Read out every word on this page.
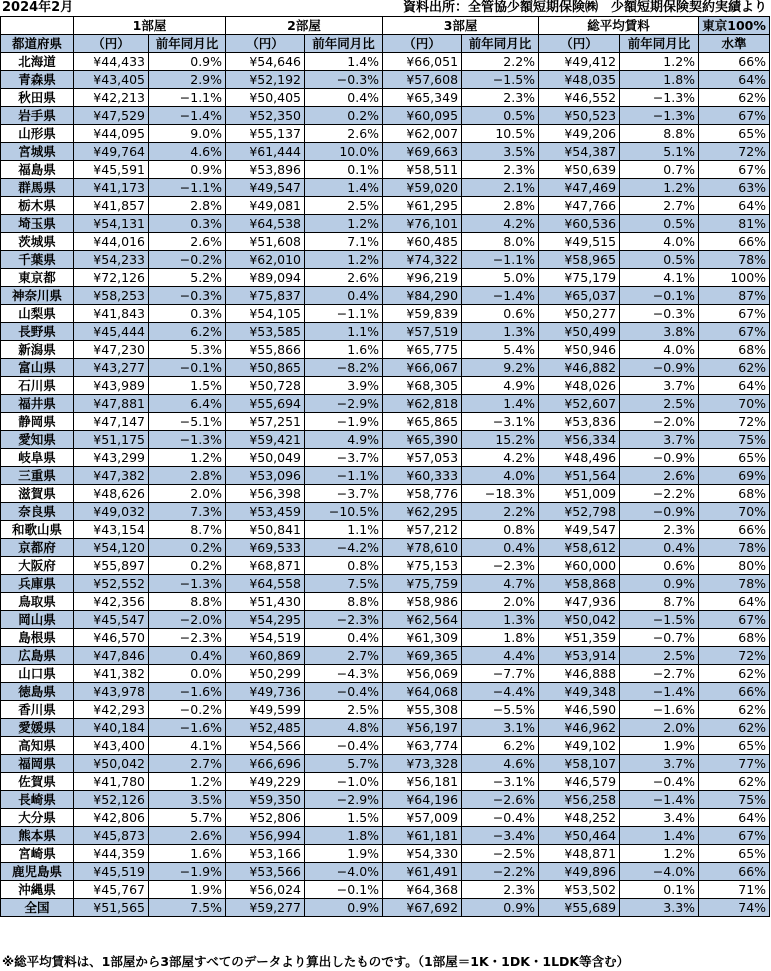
2024年2月	資料出所：全管協少額短期保険㈱　少額短期保険契約実績より
	1部屋		2部屋		3部屋		総平均賃料		東京100%
都道府県	（円）	前年同月比	（円）	前年同月比	（円）	前年同月比	（円）	前年同月比	水準
北海道	¥44,433	0.9%	¥54,646	1.4%	¥66,051	2.2%	¥49,412	1.2%	66%
青森県	¥43,405	2.9%	¥52,192	−0.3%	¥57,608	−1.5%	¥48,035	1.8%	64%
秋田県	¥42,213	−1.1%	¥50,405	0.4%	¥65,349	2.3%	¥46,552	−1.3%	62%
岩手県	¥47,529	−1.4%	¥52,350	0.2%	¥60,095	0.5%	¥50,523	−1.3%	67%
山形県	¥44,095	9.0%	¥55,137	2.6%	¥62,007	10.5%	¥49,206	8.8%	65%
宮城県	¥49,764	4.6%	¥61,444	10.0%	¥69,663	3.5%	¥54,387	5.1%	72%
福島県	¥45,591	0.9%	¥53,896	0.1%	¥58,511	2.3%	¥50,639	0.7%	67%
群馬県	¥41,173	−1.1%	¥49,547	1.4%	¥59,020	2.1%	¥47,469	1.2%	63%
栃木県	¥41,857	2.8%	¥49,081	2.5%	¥61,295	2.8%	¥47,766	2.7%	64%
埼玉県	¥54,131	0.3%	¥64,538	1.2%	¥76,101	4.2%	¥60,536	0.5%	81%
茨城県	¥44,016	2.6%	¥51,608	7.1%	¥60,485	8.0%	¥49,515	4.0%	66%
千葉県	¥54,233	−0.2%	¥62,010	1.2%	¥74,322	−1.1%	¥58,965	0.5%	78%
東京都	¥72,126	5.2%	¥89,094	2.6%	¥96,219	5.0%	¥75,179	4.1%	100%
神奈川県	¥58,253	−0.3%	¥75,837	0.4%	¥84,290	−1.4%	¥65,037	−0.1%	87%
山梨県	¥41,843	0.3%	¥54,105	−1.1%	¥59,839	0.6%	¥50,277	−0.3%	67%
長野県	¥45,444	6.2%	¥53,585	1.1%	¥57,519	1.3%	¥50,499	3.8%	67%
新潟県	¥47,230	5.3%	¥55,866	1.6%	¥65,775	5.4%	¥50,946	4.0%	68%
富山県	¥43,277	−0.1%	¥50,865	−8.2%	¥66,067	9.2%	¥46,882	−0.9%	62%
石川県	¥43,989	1.5%	¥50,728	3.9%	¥68,305	4.9%	¥48,026	3.7%	64%
福井県	¥47,881	6.4%	¥55,694	−2.9%	¥62,818	1.4%	¥52,607	2.5%	70%
静岡県	¥47,147	−5.1%	¥57,251	−1.9%	¥65,865	−3.1%	¥53,836	−2.0%	72%
愛知県	¥51,175	−1.3%	¥59,421	4.9%	¥65,390	15.2%	¥56,334	3.7%	75%
岐阜県	¥43,299	1.2%	¥50,049	−3.7%	¥57,053	4.2%	¥48,496	−0.9%	65%
三重県	¥47,382	2.8%	¥53,096	−1.1%	¥60,333	4.0%	¥51,564	2.6%	69%
滋賀県	¥48,626	2.0%	¥56,398	−3.7%	¥58,776	−18.3%	¥51,009	−2.2%	68%
奈良県	¥49,032	7.3%	¥53,459	−10.5%	¥62,295	2.2%	¥52,798	−0.9%	70%
和歌山県	¥43,154	8.7%	¥50,841	1.1%	¥57,212	0.8%	¥49,547	2.3%	66%
京都府	¥54,120	0.2%	¥69,533	−4.2%	¥78,610	0.4%	¥58,612	0.4%	78%
大阪府	¥55,897	0.2%	¥68,871	0.8%	¥75,153	−2.3%	¥60,000	0.6%	80%
兵庫県	¥52,552	−1.3%	¥64,558	7.5%	¥75,759	4.7%	¥58,868	0.9%	78%
鳥取県	¥42,356	8.8%	¥51,430	8.8%	¥58,986	2.0%	¥47,936	8.7%	64%
岡山県	¥45,547	−2.0%	¥54,295	−2.3%	¥62,564	1.3%	¥50,042	−1.5%	67%
島根県	¥46,570	−2.3%	¥54,519	0.4%	¥61,309	1.8%	¥51,359	−0.7%	68%
広島県	¥47,846	0.4%	¥60,869	2.7%	¥69,365	4.4%	¥53,914	2.5%	72%
山口県	¥41,382	0.0%	¥50,299	−4.3%	¥56,069	−7.7%	¥46,888	−2.7%	62%
徳島県	¥43,978	−1.6%	¥49,736	−0.4%	¥64,068	−4.4%	¥49,348	−1.4%	66%
香川県	¥42,293	−0.2%	¥49,599	2.5%	¥55,308	−5.5%	¥46,590	−1.6%	62%
愛媛県	¥40,184	−1.6%	¥52,485	4.8%	¥56,197	3.1%	¥46,962	2.0%	62%
高知県	¥43,400	4.1%	¥54,566	−0.4%	¥63,774	6.2%	¥49,102	1.9%	65%
福岡県	¥50,042	2.7%	¥66,696	5.7%	¥73,328	4.6%	¥58,107	3.7%	77%
佐賀県	¥41,780	1.2%	¥49,229	−1.0%	¥56,181	−3.1%	¥46,579	−0.4%	62%
長崎県	¥52,126	3.5%	¥59,350	−2.9%	¥64,196	−2.6%	¥56,258	−1.4%	75%
大分県	¥42,806	5.7%	¥52,806	1.5%	¥57,009	−0.4%	¥48,252	3.4%	64%
熊本県	¥45,873	2.6%	¥56,994	1.8%	¥61,181	−3.4%	¥50,464	1.4%	67%
宮崎県	¥44,359	1.6%	¥53,166	1.9%	¥54,330	−2.5%	¥48,871	1.2%	65%
鹿児島県	¥45,519	−1.9%	¥53,566	−4.0%	¥61,491	−2.2%	¥49,896	−4.0%	66%
沖縄県	¥45,767	1.9%	¥56,024	−0.1%	¥64,368	2.3%	¥53,502	0.1%	71%
全国	¥51,565	7.5%	¥59,277	0.9%	¥67,692	0.9%	¥55,689	3.3%	74%
※総平均賃料は、1部屋から3部屋すべてのデータより算出したものです。（1部屋＝1K・1DK・1LDK等含む）
